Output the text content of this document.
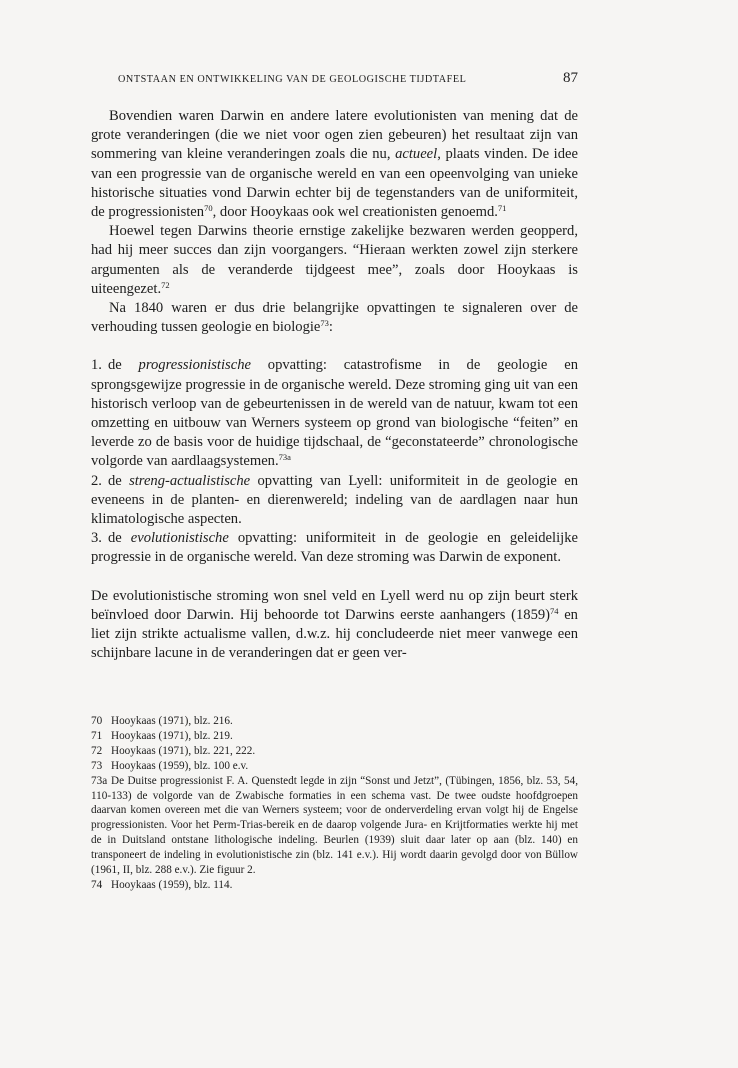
ONTSTAAN EN ONTWIKKELING VAN DE GEOLOGISCHE TIJDTAFEL	87

Bovendien waren Darwin en andere latere evolutionisten van mening dat de grote veranderingen (die we niet voor ogen zien gebeuren) het resultaat zijn van sommering van kleine veranderingen zoals die nu, actueel, plaats vinden. De idee van een progressie van de organische wereld en van een opeenvolging van unieke historische situaties vond Darwin echter bij de tegenstanders van de uniformiteit, de progressionisten$^{70}$, door Hooykaas ook wel creationisten genoemd.$^{71}$

Hoewel tegen Darwins theorie ernstige zakelijke bezwaren werden geopperd, had hij meer succes dan zijn voorgangers. “Hieraan werkten zowel zijn sterkere argumenten als de veranderde tijdgeest mee”, zoals door Hooykaas is uiteengezet.$^{72}$

Na 1840 waren er dus drie belangrijke opvattingen te signaleren over de verhouding tussen geologie en biologie$^{73}$:

1. de progressionistische opvatting: catastrofisme in de geologie en sprongsgewijze progressie in de organische wereld. Deze stroming ging uit van een historisch verloop van de gebeurtenissen in de wereld van de natuur, kwam tot een omzetting en uitbouw van Werners systeem op grond van biologische “feiten” en leverde zo de basis voor de huidige tijdschaal, de “geconstateerde” chronologische volgorde van aardlaagsystemen.$^{73a}$

2. de streng-actualistische opvatting van Lyell: uniformiteit in de geologie en eveneens in de planten- en dierenwereld; indeling van de aardlagen naar hun klimatologische aspecten.

3. de evolutionistische opvatting: uniformiteit in de geologie en geleidelijke progressie in de organische wereld. Van deze stroming was Darwin de exponent.

De evolutionistische stroming won snel veld en Lyell werd nu op zijn beurt sterk beïnvloed door Darwin. Hij behoorde tot Darwins eerste aanhangers $(1859)^{74}$ en liet zijn strikte actualisme vallen, d.w.z. hij concludeerde niet meer vanwege een schijnbare lacune in de veranderingen dat er geen ver-

70 Hooykaas (1971), blz. 216.

71 Hooykaas (1971), blz. 219.

72 Hooykaas (1971), blz. 221, 222.

73 Hooykaas (1959), blz. 100 e.v.

73a De Duitse progressionist F. A. Quenstedt legde in zijn “Sonst und Jetzt”, (Tübingen, 1856, blz. 53, 54, 110-133) de volgorde van de Zwabische formaties in een schema vast. De twee oudste hoofdgroepen daarvan komen overeen met die van Werners systeem; voor de onderverdeling ervan volgt hij de Engelse progressionisten. Voor het Perm-Trias-bereik en de daarop volgende Jura- en Krijtformaties werkte hij met de in Duitsland ontstane lithologische indeling. Beurlen (1939) sluit daar later op aan (blz. 140) en transponeert de indeling in evolutionistische zin (blz. 141 e.v.). Hij wordt daarin gevolgd door von Büllow (1961, II, blz. 288 e.v.). Zie figuur 2.

74 Hooykaas (1959), blz. 114.
